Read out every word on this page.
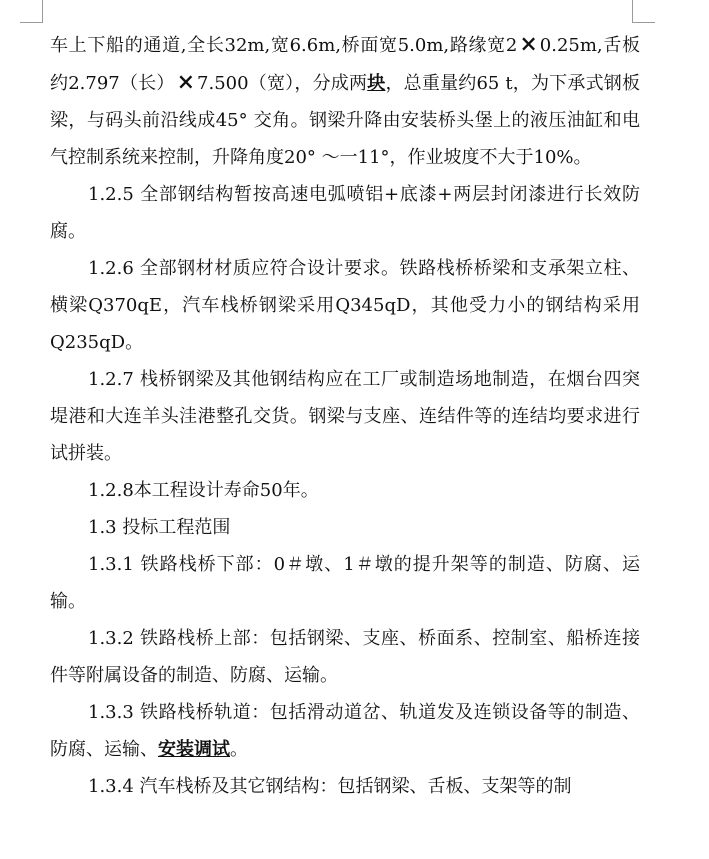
车上下船的通道,全长32m,宽6.6m,桥面宽5.0m,路缘宽2× 0.25m,舌板约2.797（长）× 7.500（宽），分成两块，总重量约65 t，为下承式钢板梁，与码头前沿线成45° 交角。钢梁升降由安装桥头堡上的液压油缸和电气控制系统来控制，升降角度20° ～一11°，作业坡度不大于10%。

1.2.5 全部钢结构暂按高速电弧喷铝+底漆+两层封闭漆进行长效防腐。

1.2.6 全部钢材材质应符合设计要求。铁路栈桥桥梁和支承架立柱、横梁Q370qE，汽车栈桥钢梁采用Q345qD，其他受力小的钢结构采用Q235qD。

1.2.7 栈桥钢梁及其他钢结构应在工厂或制造场地制造，在烟台四突堤港和大连羊头洼港整孔交货。钢梁与支座、连结件等的连结均要求进行试拼装。

1.2.8本工程设计寿命50年。

1.3 投标工程范围

1.3.1 铁路栈桥下部：0＃墩、1＃墩的提升架等的制造、防腐、运输。

1.3.2 铁路栈桥上部：包括钢梁、支座、桥面系、控制室、船桥连接件等附属设备的制造、防腐、运输。

1.3.3 铁路栈桥轨道：包括滑动道岔、轨道发及连锁设备等的制造、防腐、运输、安装调试。

1.3.4 汽车栈桥及其它钢结构：包括钢梁、舌板、支架等的制
